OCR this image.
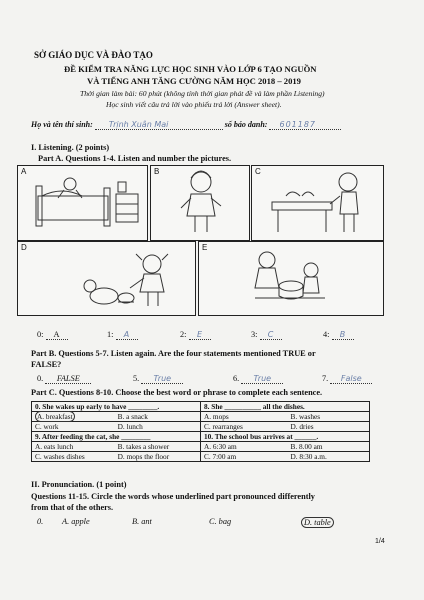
SỞ GIÁO DỤC VÀ ĐÀO TẠO
ĐỀ KIỂM TRA NĂNG LỰC HỌC SINH VÀO LỚP 6 TẠO NGUỒN
VÀ TIẾNG ANH TĂNG CƯỜNG NĂM HỌC 2018 – 2019
Thời gian làm bài: 60 phút (không tính thời gian phát đề và làm phần Listening)
Học sinh viết câu trả lời vào phiếu trả lời (Answer sheet).
Họ và tên thí sinh: Trịnh Xuân Mai	số báo danh: 601187
I. Listening. (2 points)
Part A. Questions 1-4. Listen and number the pictures.
A	B	C
D	E
0: A	1: A	2: E	3: C	4: B
Part B. Questions 5-7. Listen again. Are the four statements mentioned TRUE or
FALSE?
0. FALSE	5. True	6. True	7. False
Part C. Questions 8-10. Choose the best word or phrase to complete each sentence.
0. She wakes up early to have ________.		8. She __________ all the dishes.	
A. breakfast	B. a snack	A. mops	B. washes
C. work	D. lunch	C. rearranges	D. dries
9. After feeding the cat, she ________		10. The school bus arrives at ______.	
A. eats lunch	B. takes a shower	A. 6:30 am	B. 8.00 am
C. washes dishes	D. mops the floor	C. 7:00 am	D. 8:30 a.m.
II. Pronunciation. (1 point)
Questions 11-15. Circle the words whose underlined part pronounced differently
from that of the others.
0. A. apple	B. ant	C. bag	D. table
1/4
